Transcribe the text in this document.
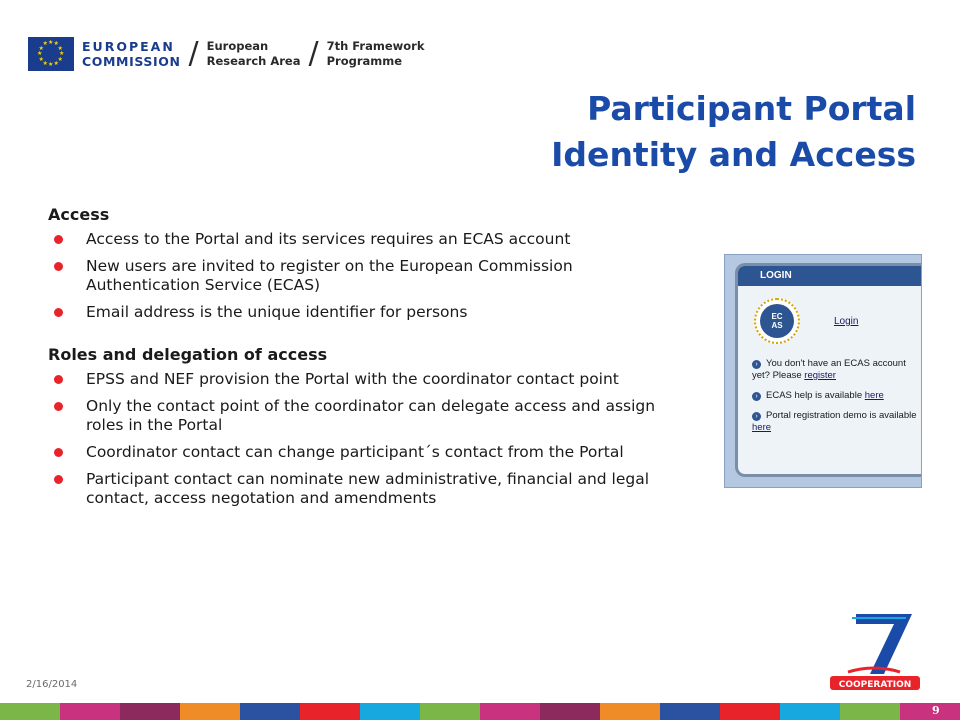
★
★
★
★
★
★
★
★
★ ★ ★
★ EUROPEAN
COMMISSION / European
Research Area / 7th Framework
Programme
Participant Portal
Identity and Access
Access
Access to the Portal and its services requires an ECAS account
New users are invited to register on the European Commission Authentication Service (ECAS)
Email address is the unique identifier for persons
Roles and delegation of access
EPSS and NEF provision the Portal with the coordinator contact point
Only the contact point of the coordinator can delegate access and assign roles in the Portal
Coordinator contact can change participant´s contact from the Portal
Participant contact can nominate new administrative, financial and legal contact, access negotation and amendments
LOGIN
EC
AS	Login
› You don't have an ECAS account yet? Please register
› ECAS help is available here
› Portal registration demo is available here
COOPERATION
2/16/2014
9
